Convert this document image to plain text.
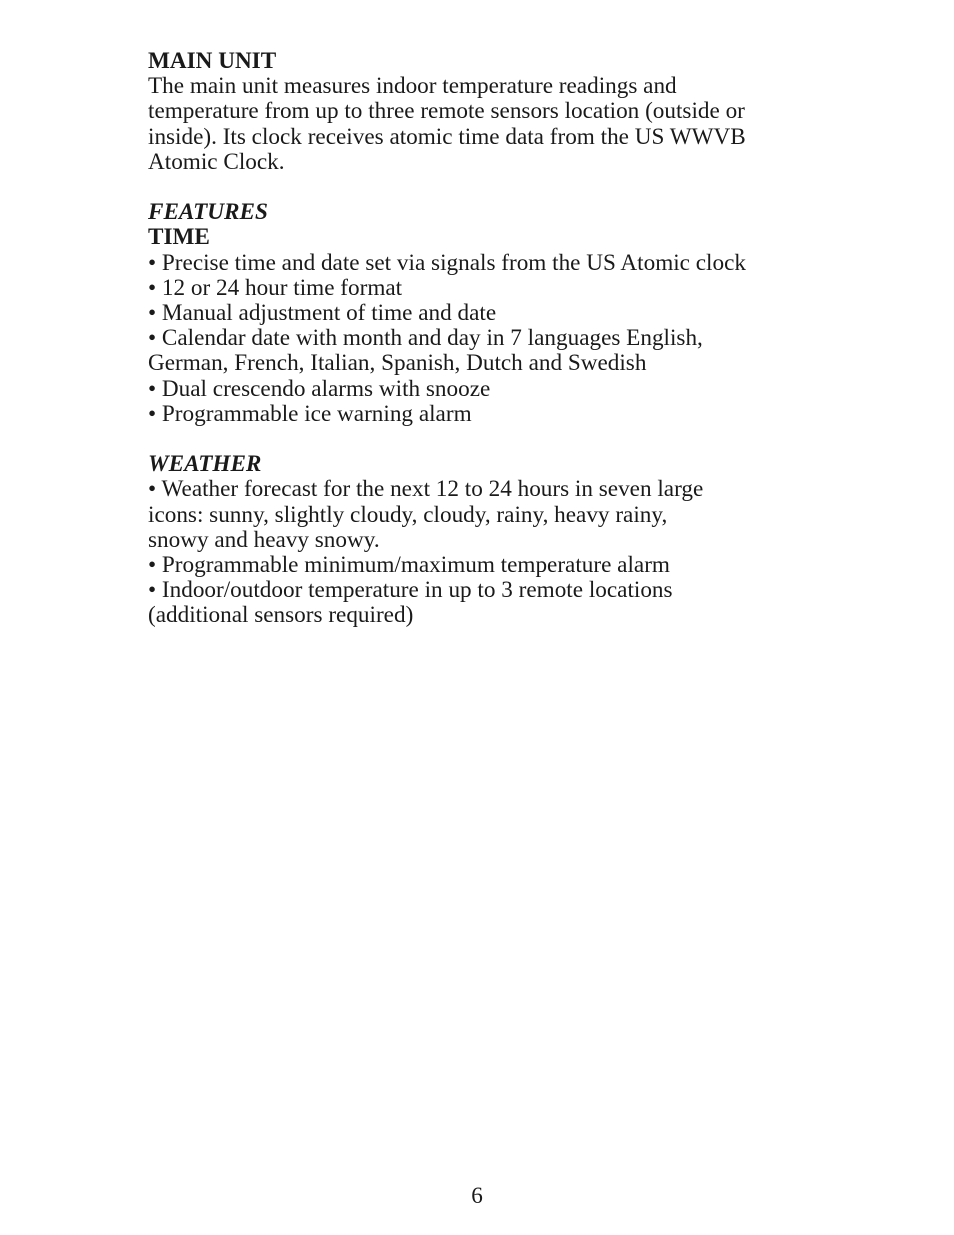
MAIN UNIT
The main unit measures indoor temperature readings and
temperature from up to three remote sensors location (outside or
inside). Its clock receives atomic time data from the US WWVB
Atomic Clock.
FEATURES
TIME
• Precise time and date set via signals from the US Atomic clock
• 12 or 24 hour time format
• Manual adjustment of time and date
• Calendar date with month and day in 7 languages English,
German, French, Italian, Spanish, Dutch and Swedish
• Dual crescendo alarms with snooze
• Programmable ice warning alarm
WEATHER
• Weather forecast for the next 12 to 24 hours in seven large
icons: sunny, slightly cloudy, cloudy, rainy, heavy rainy,
snowy and heavy snowy.
• Programmable minimum/maximum temperature alarm
• Indoor/outdoor temperature in up to 3 remote locations
(additional sensors required)
6
